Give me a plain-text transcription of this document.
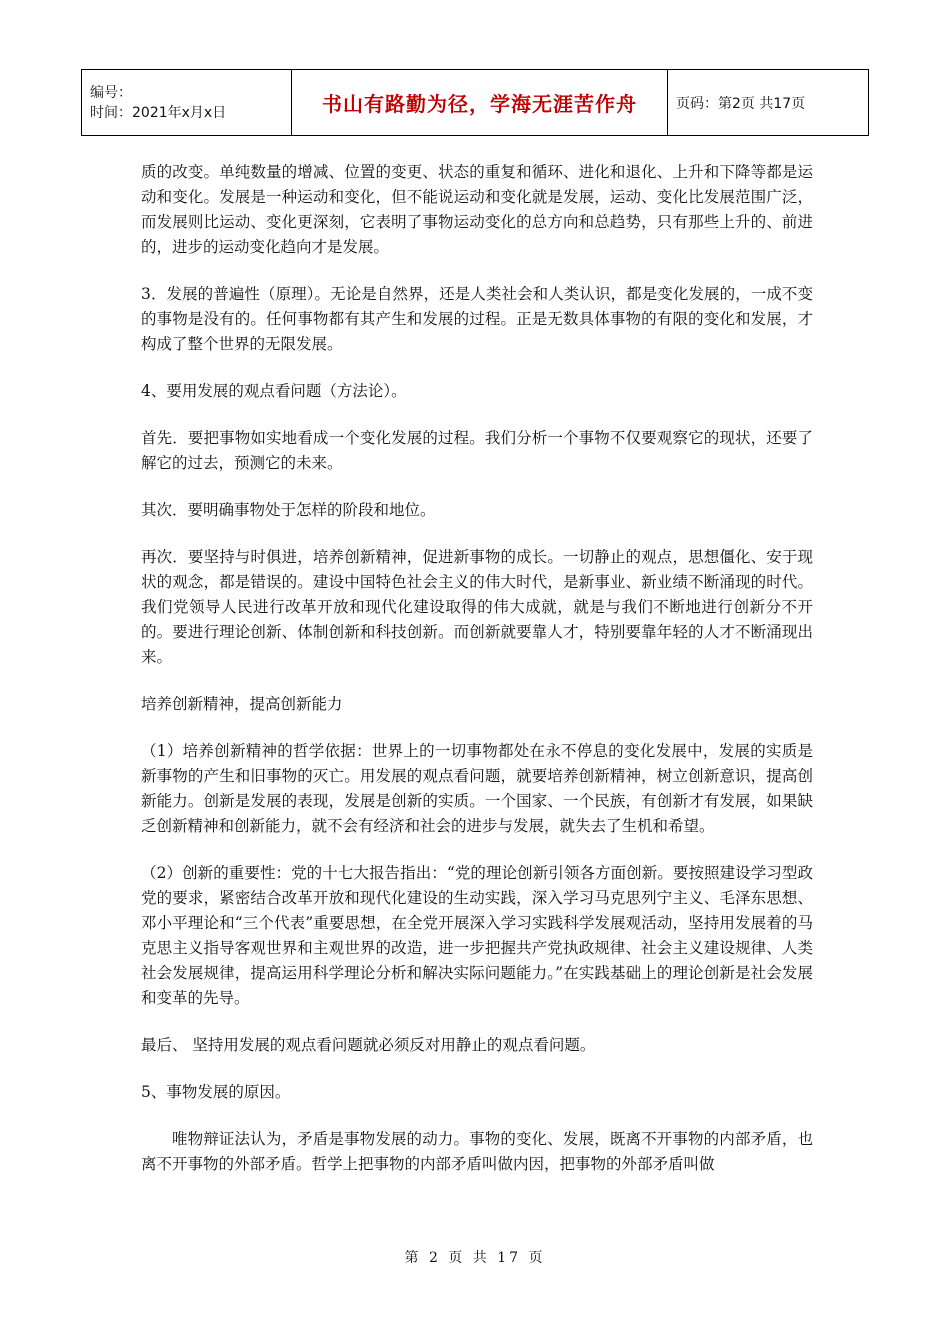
编号：
时间：2021年x月x日	书山有路勤为径，学海无涯苦作舟	页码：第2页 共17页

质的改变。单纯数量的增减、位置的变更、状态的重复和循环、进化和退化、上升和下降等都是运动和变化。发展是一种运动和变化，但不能说运动和变化就是发展，运动、变化比发展范围广泛，而发展则比运动、变化更深刻，它表明了事物运动变化的总方向和总趋势，只有那些上升的、前进的，进步的运动变化趋向才是发展。

3．发展的普遍性（原理）。无论是自然界，还是人类社会和人类认识，都是变化发展的，一成不变的事物是没有的。任何事物都有其产生和发展的过程。正是无数具体事物的有限的变化和发展，才构成了整个世界的无限发展。

4、要用发展的观点看问题（方法论）。

首先．要把事物如实地看成一个变化发展的过程。我们分析一个事物不仅要观察它的现状，还要了解它的过去，预测它的未来。

其次．要明确事物处于怎样的阶段和地位。

再次．要坚持与时俱进，培养创新精神，促进新事物的成长。一切静止的观点，思想僵化、安于现状的观念，都是错误的。建设中国特色社会主义的伟大时代，是新事业、新业绩不断涌现的时代。我们党领导人民进行改革开放和现代化建设取得的伟大成就，就是与我们不断地进行创新分不开的。要进行理论创新、体制创新和科技创新。而创新就要靠人才，特别要靠年轻的人才不断涌现出来。

培养创新精神，提高创新能力

（1）培养创新精神的哲学依据：世界上的一切事物都处在永不停息的变化发展中，发展的实质是新事物的产生和旧事物的灭亡。用发展的观点看问题，就要培养创新精神，树立创新意识，提高创新能力。创新是发展的表现，发展是创新的实质。一个国家、一个民族，有创新才有发展，如果缺乏创新精神和创新能力，就不会有经济和社会的进步与发展，就失去了生机和希望。

（2）创新的重要性：党的十七大报告指出：“党的理论创新引领各方面创新。要按照建设学习型政党的要求，紧密结合改革开放和现代化建设的生动实践，深入学习马克思列宁主义、毛泽东思想、邓小平理论和“三个代表”重要思想，在全党开展深入学习实践科学发展观活动，坚持用发展着的马克思主义指导客观世界和主观世界的改造，进一步把握共产党执政规律、社会主义建设规律、人类社会发展规律，提高运用科学理论分析和解决实际问题能力。”在实践基础上的理论创新是社会发展和变革的先导。

最后、 坚持用发展的观点看问题就必须反对用静止的观点看问题。

5、事物发展的原因。

唯物辩证法认为，矛盾是事物发展的动力。事物的变化、发展，既离不开事物的内部矛盾，也离不开事物的外部矛盾。哲学上把事物的内部矛盾叫做内因，把事物的外部矛盾叫做

第 2 页 共 17 页
